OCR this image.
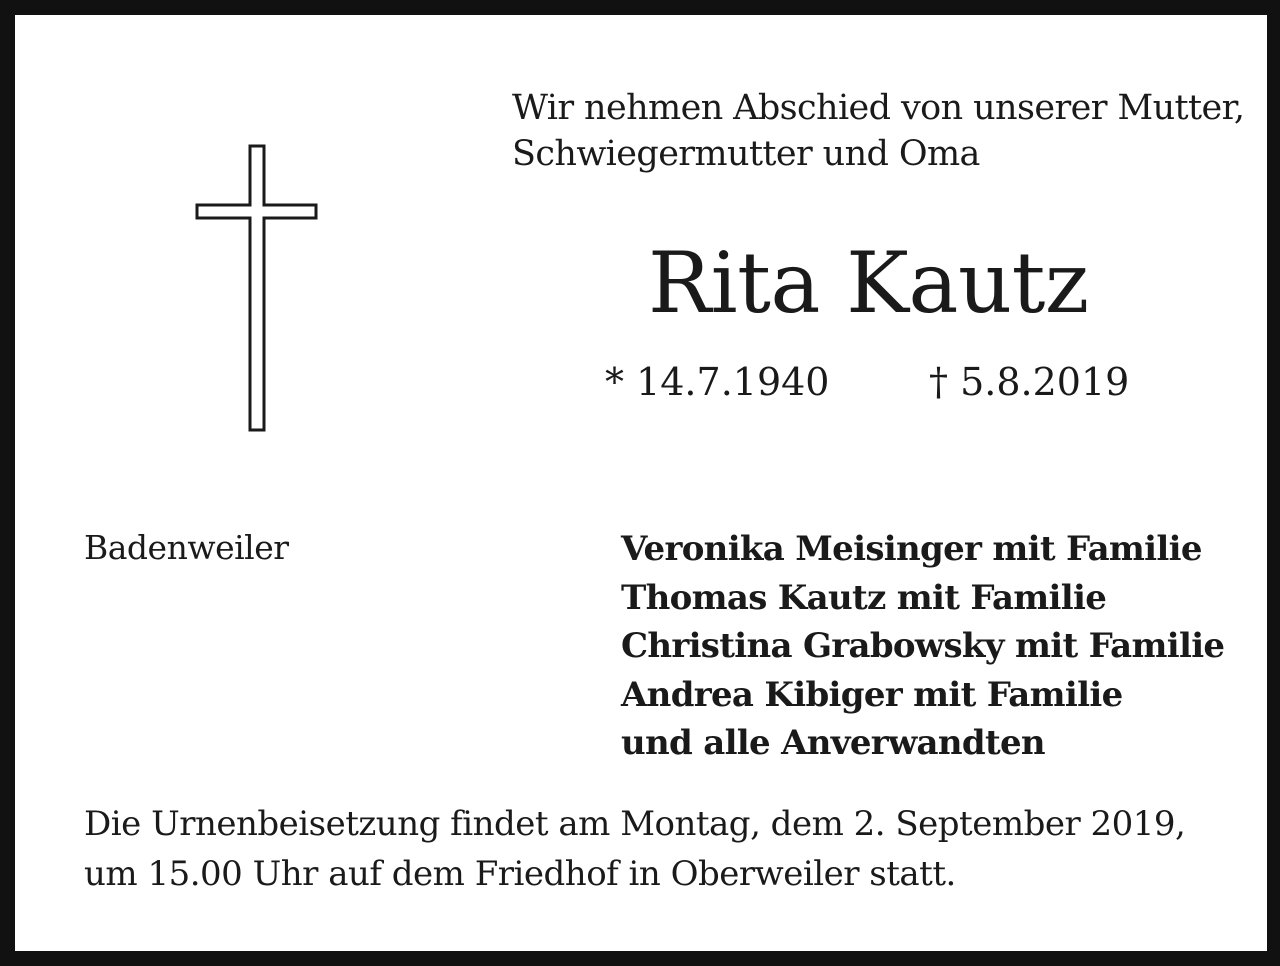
Wir nehmen Abschied von unserer Mutter,
Schwiegermutter und Oma
Rita Kautz
* 14.7.1940	† 5.8.2019
Badenweiler	Veronika Meisinger mit Familie
Thomas Kautz mit Familie
Christina Grabowsky mit Familie
Andrea Kibiger mit Familie
und alle Anverwandten
Die Urnenbeisetzung findet am Montag, dem 2. September 2019,
um 15.00 Uhr auf dem Friedhof in Oberweiler statt.
